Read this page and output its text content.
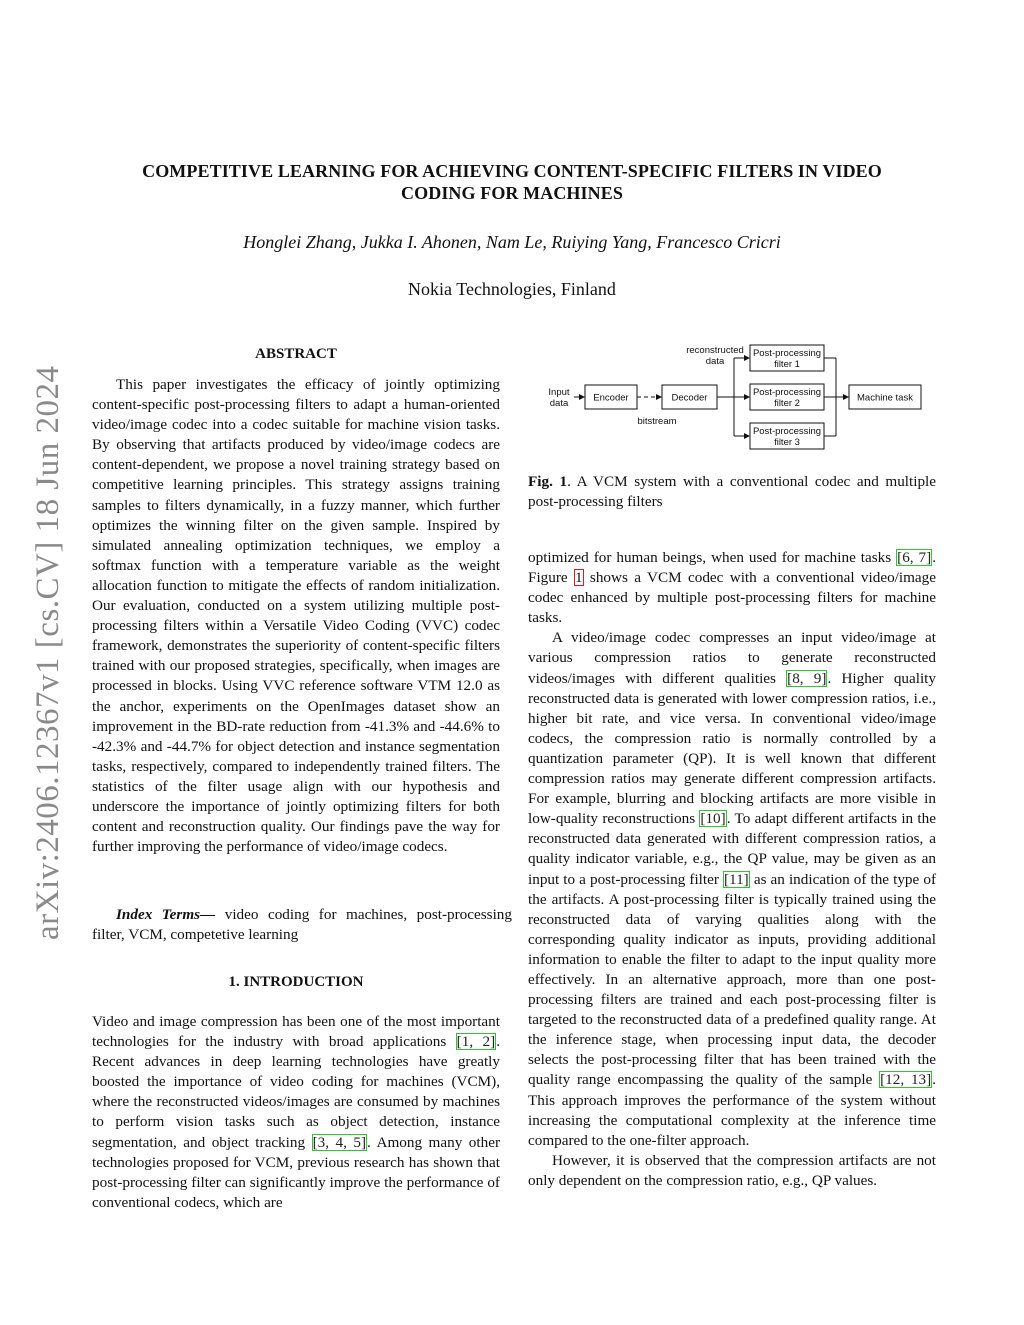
COMPETITIVE LEARNING FOR ACHIEVING CONTENT-SPECIFIC FILTERS IN VIDEO
CODING FOR MACHINES
Honglei Zhang, Jukka I. Ahonen, Nam Le, Ruiying Yang, Francesco Cricri
Nokia Technologies, Finland
arXiv:2406.12367v1 [cs.CV] 18 Jun 2024
ABSTRACT

This paper investigates the efficacy of jointly optimizing content-specific post-processing filters to adapt a human-oriented video/image codec into a codec suitable for machine vision tasks. By observing that artifacts produced by video/image codecs are content-dependent, we propose a novel training strategy based on competitive learning principles. This strategy assigns training samples to filters dynamically, in a fuzzy manner, which further optimizes the winning filter on the given sample. Inspired by simulated annealing optimization techniques, we employ a softmax function with a temperature variable as the weight allocation function to mitigate the effects of random initialization. Our evaluation, conducted on a system utilizing multiple post-processing filters within a Versatile Video Coding (VVC) codec framework, demonstrates the superiority of content-specific filters trained with our proposed strategies, specifically, when images are processed in blocks. Using VVC reference software VTM 12.0 as the anchor, experiments on the OpenImages dataset show an improvement in the BD-rate reduction from -41.3% and -44.6% to -42.3% and -44.7% for object detection and instance segmentation tasks, respectively, compared to independently trained filters. The statistics of the filter usage align with our hypothesis and underscore the importance of jointly optimizing filters for both content and reconstruction quality. Our findings pave the way for further improving the performance of video/image codecs.

Index Terms— video coding for machines, post-processing filter, VCM, competetive learning

1. INTRODUCTION

Video and image compression has been one of the most important technologies for the industry with broad applications [1, 2]. Recent advances in deep learning technologies have greatly boosted the importance of video coding for machines (VCM), where the reconstructed videos/images are consumed by machines to perform vision tasks such as object detection, instance segmentation, and object tracking [3, 4, 5]. Among many other technologies proposed for VCM, previous research has shown that post-processing filter can significantly improve the performance of conventional codecs, which are

Input
data	Encoder
bitstream
Decoder
reconstructed
data
Post-processing
filter 1
Post-processing
filter 2
Post-processing
filter 3
Machine task

Fig. 1. A VCM system with a conventional codec and multiple post-processing filters

optimized for human beings, when used for machine tasks [6, 7]. Figure 1 shows a VCM codec with a conventional video/image codec enhanced by multiple post-processing filters for machine tasks.

A video/image codec compresses an input video/image at various compression ratios to generate reconstructed videos/images with different qualities [8, 9]. Higher quality reconstructed data is generated with lower compression ratios, i.e., higher bit rate, and vice versa. In conventional video/image codecs, the compression ratio is normally controlled by a quantization parameter (QP). It is well known that different compression ratios may generate different compression artifacts. For example, blurring and blocking artifacts are more visible in low-quality reconstructions [10]. To adapt different artifacts in the reconstructed data generated with different compression ratios, a quality indicator variable, e.g., the QP value, may be given as an input to a post-processing filter [11] as an indication of the type of the artifacts. A post-processing filter is typically trained using the reconstructed data of varying qualities along with the corresponding quality indicator as inputs, providing additional information to enable the filter to adapt to the input quality more effectively. In an alternative approach, more than one post-processing filters are trained and each post-processing filter is targeted to the reconstructed data of a predefined quality range. At the inference stage, when processing input data, the decoder selects the post-processing filter that has been trained with the quality range encompassing the quality of the sample [12, 13]. This approach improves the performance of the system without increasing the computational complexity at the inference time compared to the one-filter approach.

However, it is observed that the compression artifacts are not only dependent on the compression ratio, e.g., QP values.
